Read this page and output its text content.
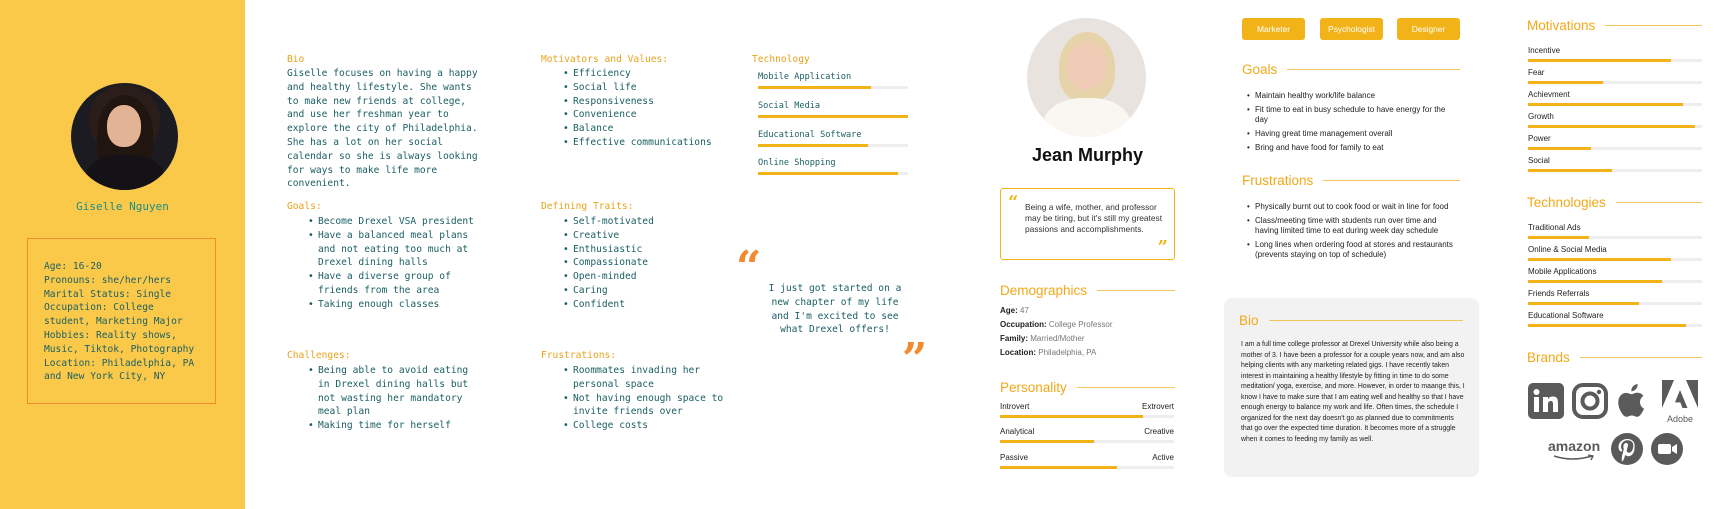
Giselle Nguyen
Age: 16-20
Pronouns: she/her/hers
Marital Status: Single
Occupation: College student, Marketing Major
Hobbies: Reality shows, Music, Tiktok, Photography
Location: Philadelphia, PA and New York City, NY
Bio
Giselle focuses on having a happy and healthy lifestyle. She wants to make new friends at college, and use her freshman year to explore the city of Philadelphia. She has a lot on her social calendar so she is always looking for ways to make life more convenient.
Goals:
• Become Drexel VSA president
• Have a balanced meal plans and not eating too much at Drexel dining halls
• Have a diverse group of friends from the area
• Taking enough classes
Challenges:
• Being able to avoid eating in Drexel dining halls but not wasting her mandatory meal plan
• Making time for herself
Motivators and Values:
• Efficiency
• Social life
• Responsiveness
• Convenience
• Balance
• Effective communications
Defining Traits:
• Self-motivated
• Creative
• Enthusiastic
• Compassionate
• Open-minded
• Caring
• Confident
Frustrations:
• Roommates invading her personal space
• Not having enough space to invite friends over
• College costs
Technology
Mobile Application
Social Media
Educational Software
Online Shopping
“ I just got started on a new chapter of my life and I'm excited to see what Drexel offers!
”
Jean Murphy
“ Being a wife, mother, and professor may be tiring, but it's still my greatest passions and accomplishments.
”
Demographics
Age: 47
Occupation: College Professor
Family: Married/Mother
Location: Philadelphia, PA
Personality
Introvert	Extrovert
Analytical	Creative
Passive	Active
Marketer	Psychologist	Designer
Goals
• Maintain healthy work/life balance
• Fit time to eat in busy schedule to have energy for the day
• Having great time management overall
• Bring and have food for family to eat
Frustrations
• Physically burnt out to cook food or wait in line for food
• Class/meeting time with students run over time and having limited time to eat during week day schedule
• Long lines when ordering food at stores and restaurants (prevents staying on top of schedule)
Bio
I am a full time college professor at Drexel University while also being a mother of 3. I have been a professor for a couple years now, and am also helping clients with any marketing related gigs. I have recently taken interest in maintaining a healthy lifestyle by fitting in time to do some meditation/ yoga, exercise, and more. However, in order to maange this, I know I have to make sure that I am eating well and healthy so that I have enough energy to balance my work and life. Often times, the schedule I organized for the next day doesn't go as planned due to commitments that go over the expected time duration. It becomes more of a struggle when it comes to feeding my family as well.
Motivations
Incentive
Fear
Achievment
Growth
Power
Social
Technologies
Traditional Ads
Online & Social Media
Mobile Applications
Friends Referrals
Educational Software
Brands
Adobe
amazon
